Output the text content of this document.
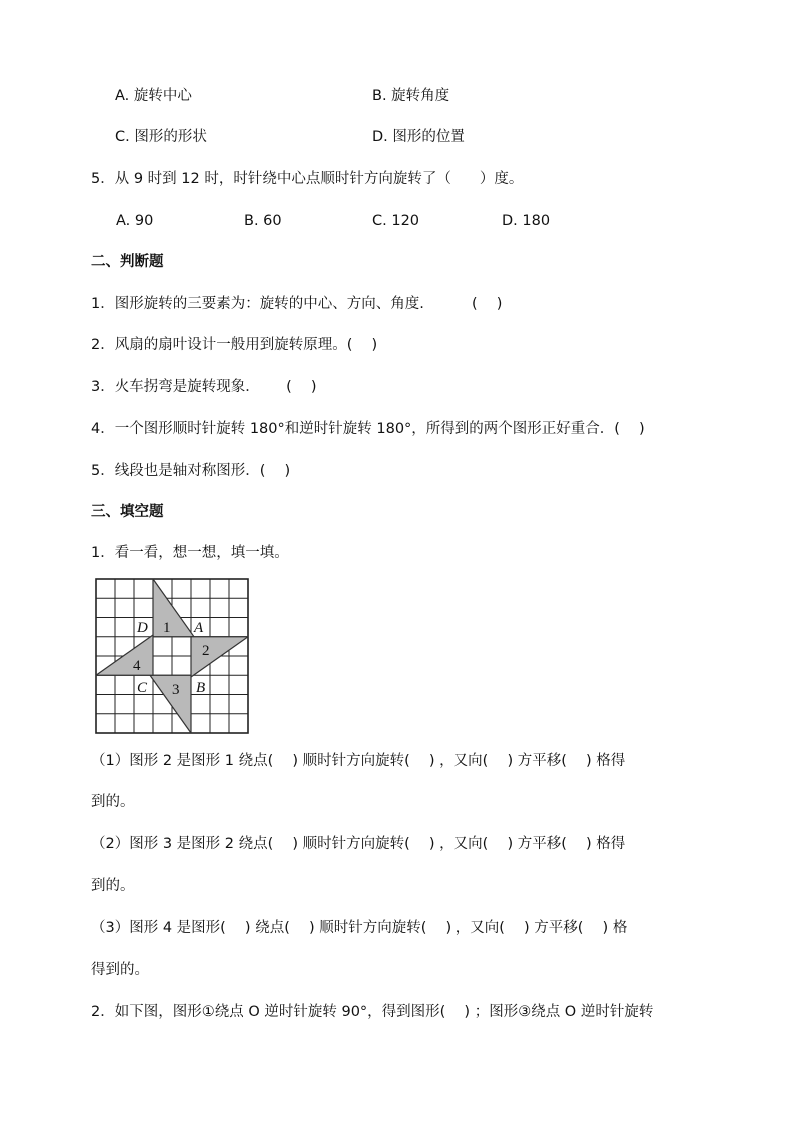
A. 旋转中心	B. 旋转角度
C. 图形的形状	D. 图形的位置
5．从 9 时到 12 时，时针绕中心点顺时针方向旋转了（　　）度。
A. 90	B. 60	C. 120	D. 180
二、判断题
1．图形旋转的三要素为：旋转的中心、方向、角度.　　　 (　 )
2．风扇的扇叶设计一般用到旋转原理。(　 )
3．火车拐弯是旋转现象．　　 (　 )
4．一个图形顺时针旋转 180°和逆时针旋转 180°，所得到的两个图形正好重合．(　 )
5．线段也是轴对称图形．(　 )
三、填空题
1．看一看，想一想，填一填。
D 1 A
2
4
C 3 B
（1）图形 2 是图形 1 绕点(　 ) 顺时针方向旋转(　 ) ，又向(　 ) 方平移(　 ) 格得
到的。
（2）图形 3 是图形 2 绕点(　 ) 顺时针方向旋转(　 ) ，又向(　 ) 方平移(　 ) 格得
到的。
（3）图形 4 是图形(　 ) 绕点(　 ) 顺时针方向旋转(　 ) ，又向(　 ) 方平移(　 ) 格
得到的。
2．如下图，图形①绕点 O 逆时针旋转 90°，得到图形(　 ) ；图形③绕点 O 逆时针旋转
